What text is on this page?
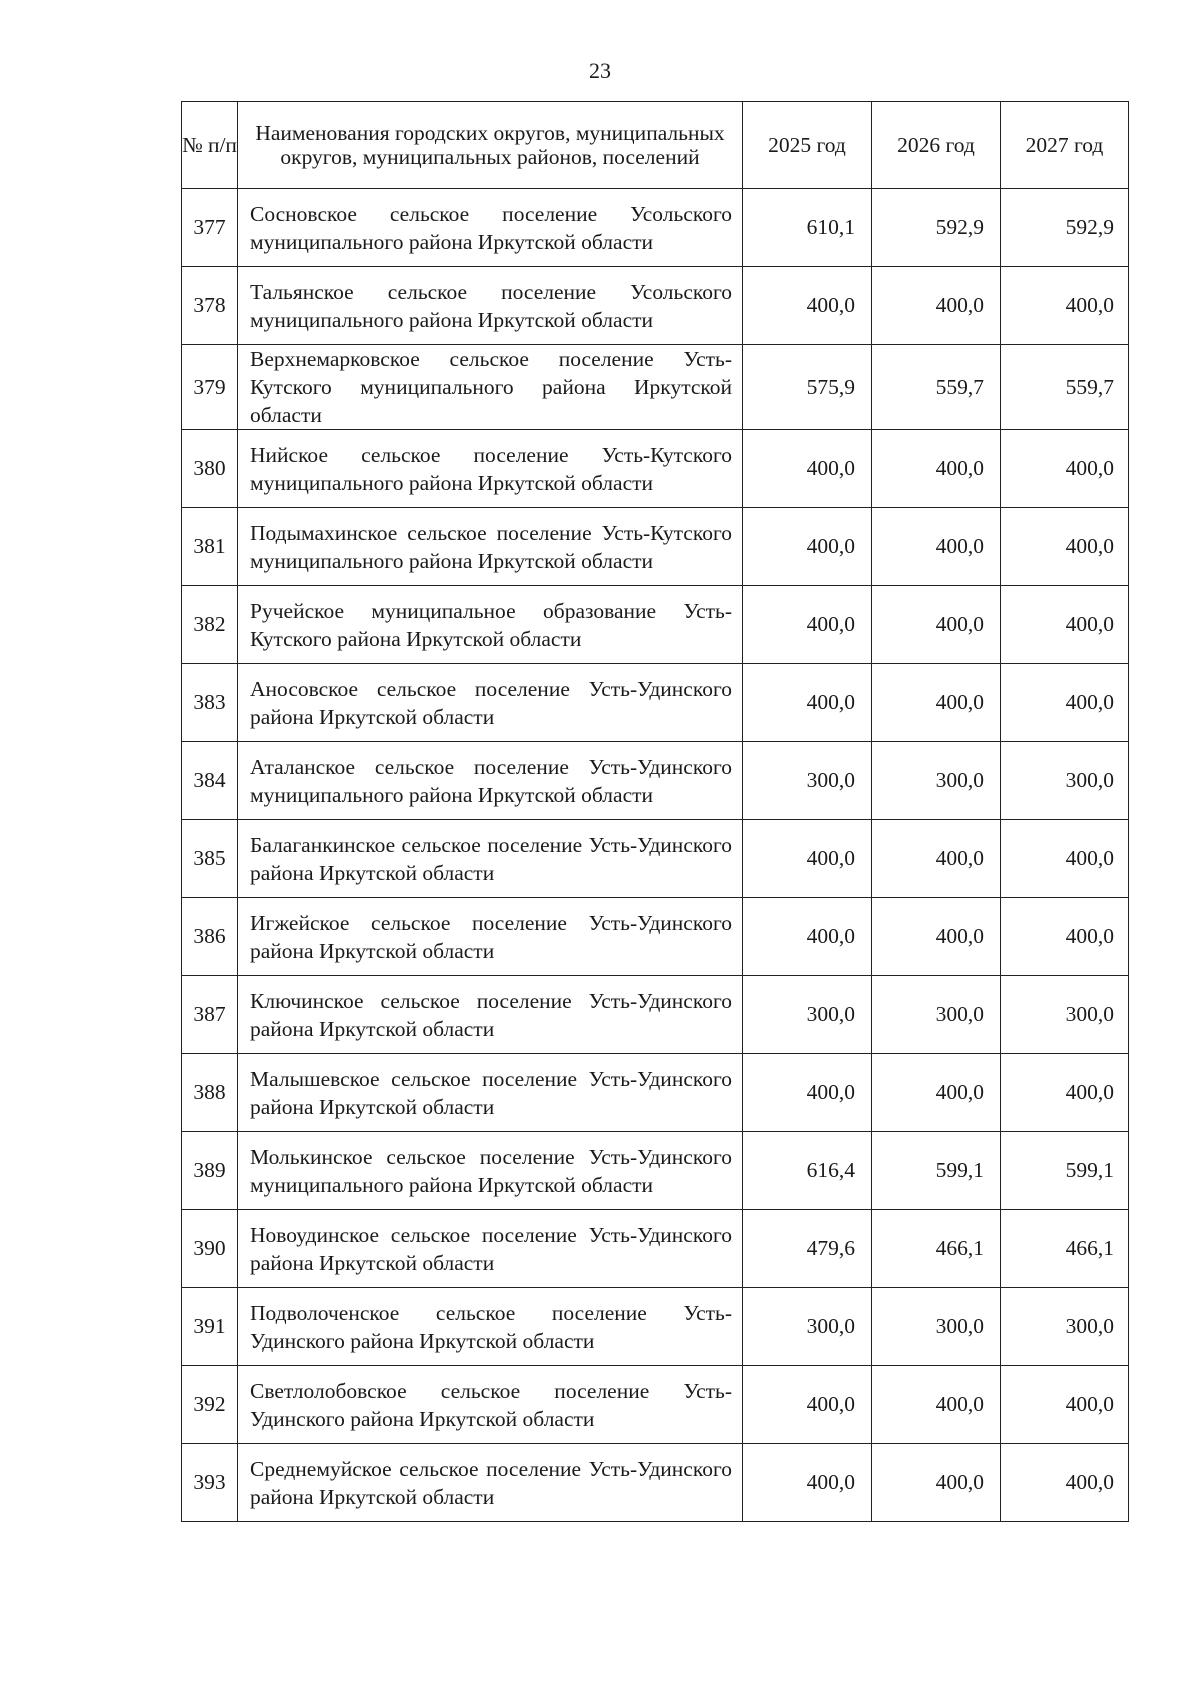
23
№ п/п	Наименования городских округов, муниципальных округов, муниципальных районов, поселений	2025 год	2026 год	2027 год
377	Сосновское сельское поселение Усольского муниципального района Иркутской области	610,1	592,9	592,9
378	Тальянское сельское поселение Усольского муниципального района Иркутской области	400,0	400,0	400,0
379	Верхнемарковское сельское поселение Усть-Кутского муниципального района Иркутской области	575,9	559,7	559,7
380	Нийское сельское поселение Усть-Кутского муниципального района Иркутской области	400,0	400,0	400,0
381	Подымахинское сельское поселение Усть-Кутского муниципального района Иркутской области	400,0	400,0	400,0
382	Ручейское муниципальное образование Усть-Кутского района Иркутской области	400,0	400,0	400,0
383	Аносовское сельское поселение Усть-Удинского района Иркутской области	400,0	400,0	400,0
384	Аталанское сельское поселение Усть-Удинского муниципального района Иркутской области	300,0	300,0	300,0
385	Балаганкинское сельское поселение Усть-Удинского района Иркутской области	400,0	400,0	400,0
386	Игжейское сельское поселение Усть-Удинского района Иркутской области	400,0	400,0	400,0
387	Ключинское сельское поселение Усть-Удинского района Иркутской области	300,0	300,0	300,0
388	Малышевское сельское поселение Усть-Удинского района Иркутской области	400,0	400,0	400,0
389	Молькинское сельское поселение Усть-Удинского муниципального района Иркутской области	616,4	599,1	599,1
390	Новоудинское сельское поселение Усть-Удинского района Иркутской области	479,6	466,1	466,1
391	Подволоченское сельское поселение Усть-Удинского района Иркутской области	300,0	300,0	300,0
392	Светлолобовское сельское поселение Усть-Удинского района Иркутской области	400,0	400,0	400,0
393	Среднемуйское сельское поселение Усть-Удинского района Иркутской области	400,0	400,0	400,0
